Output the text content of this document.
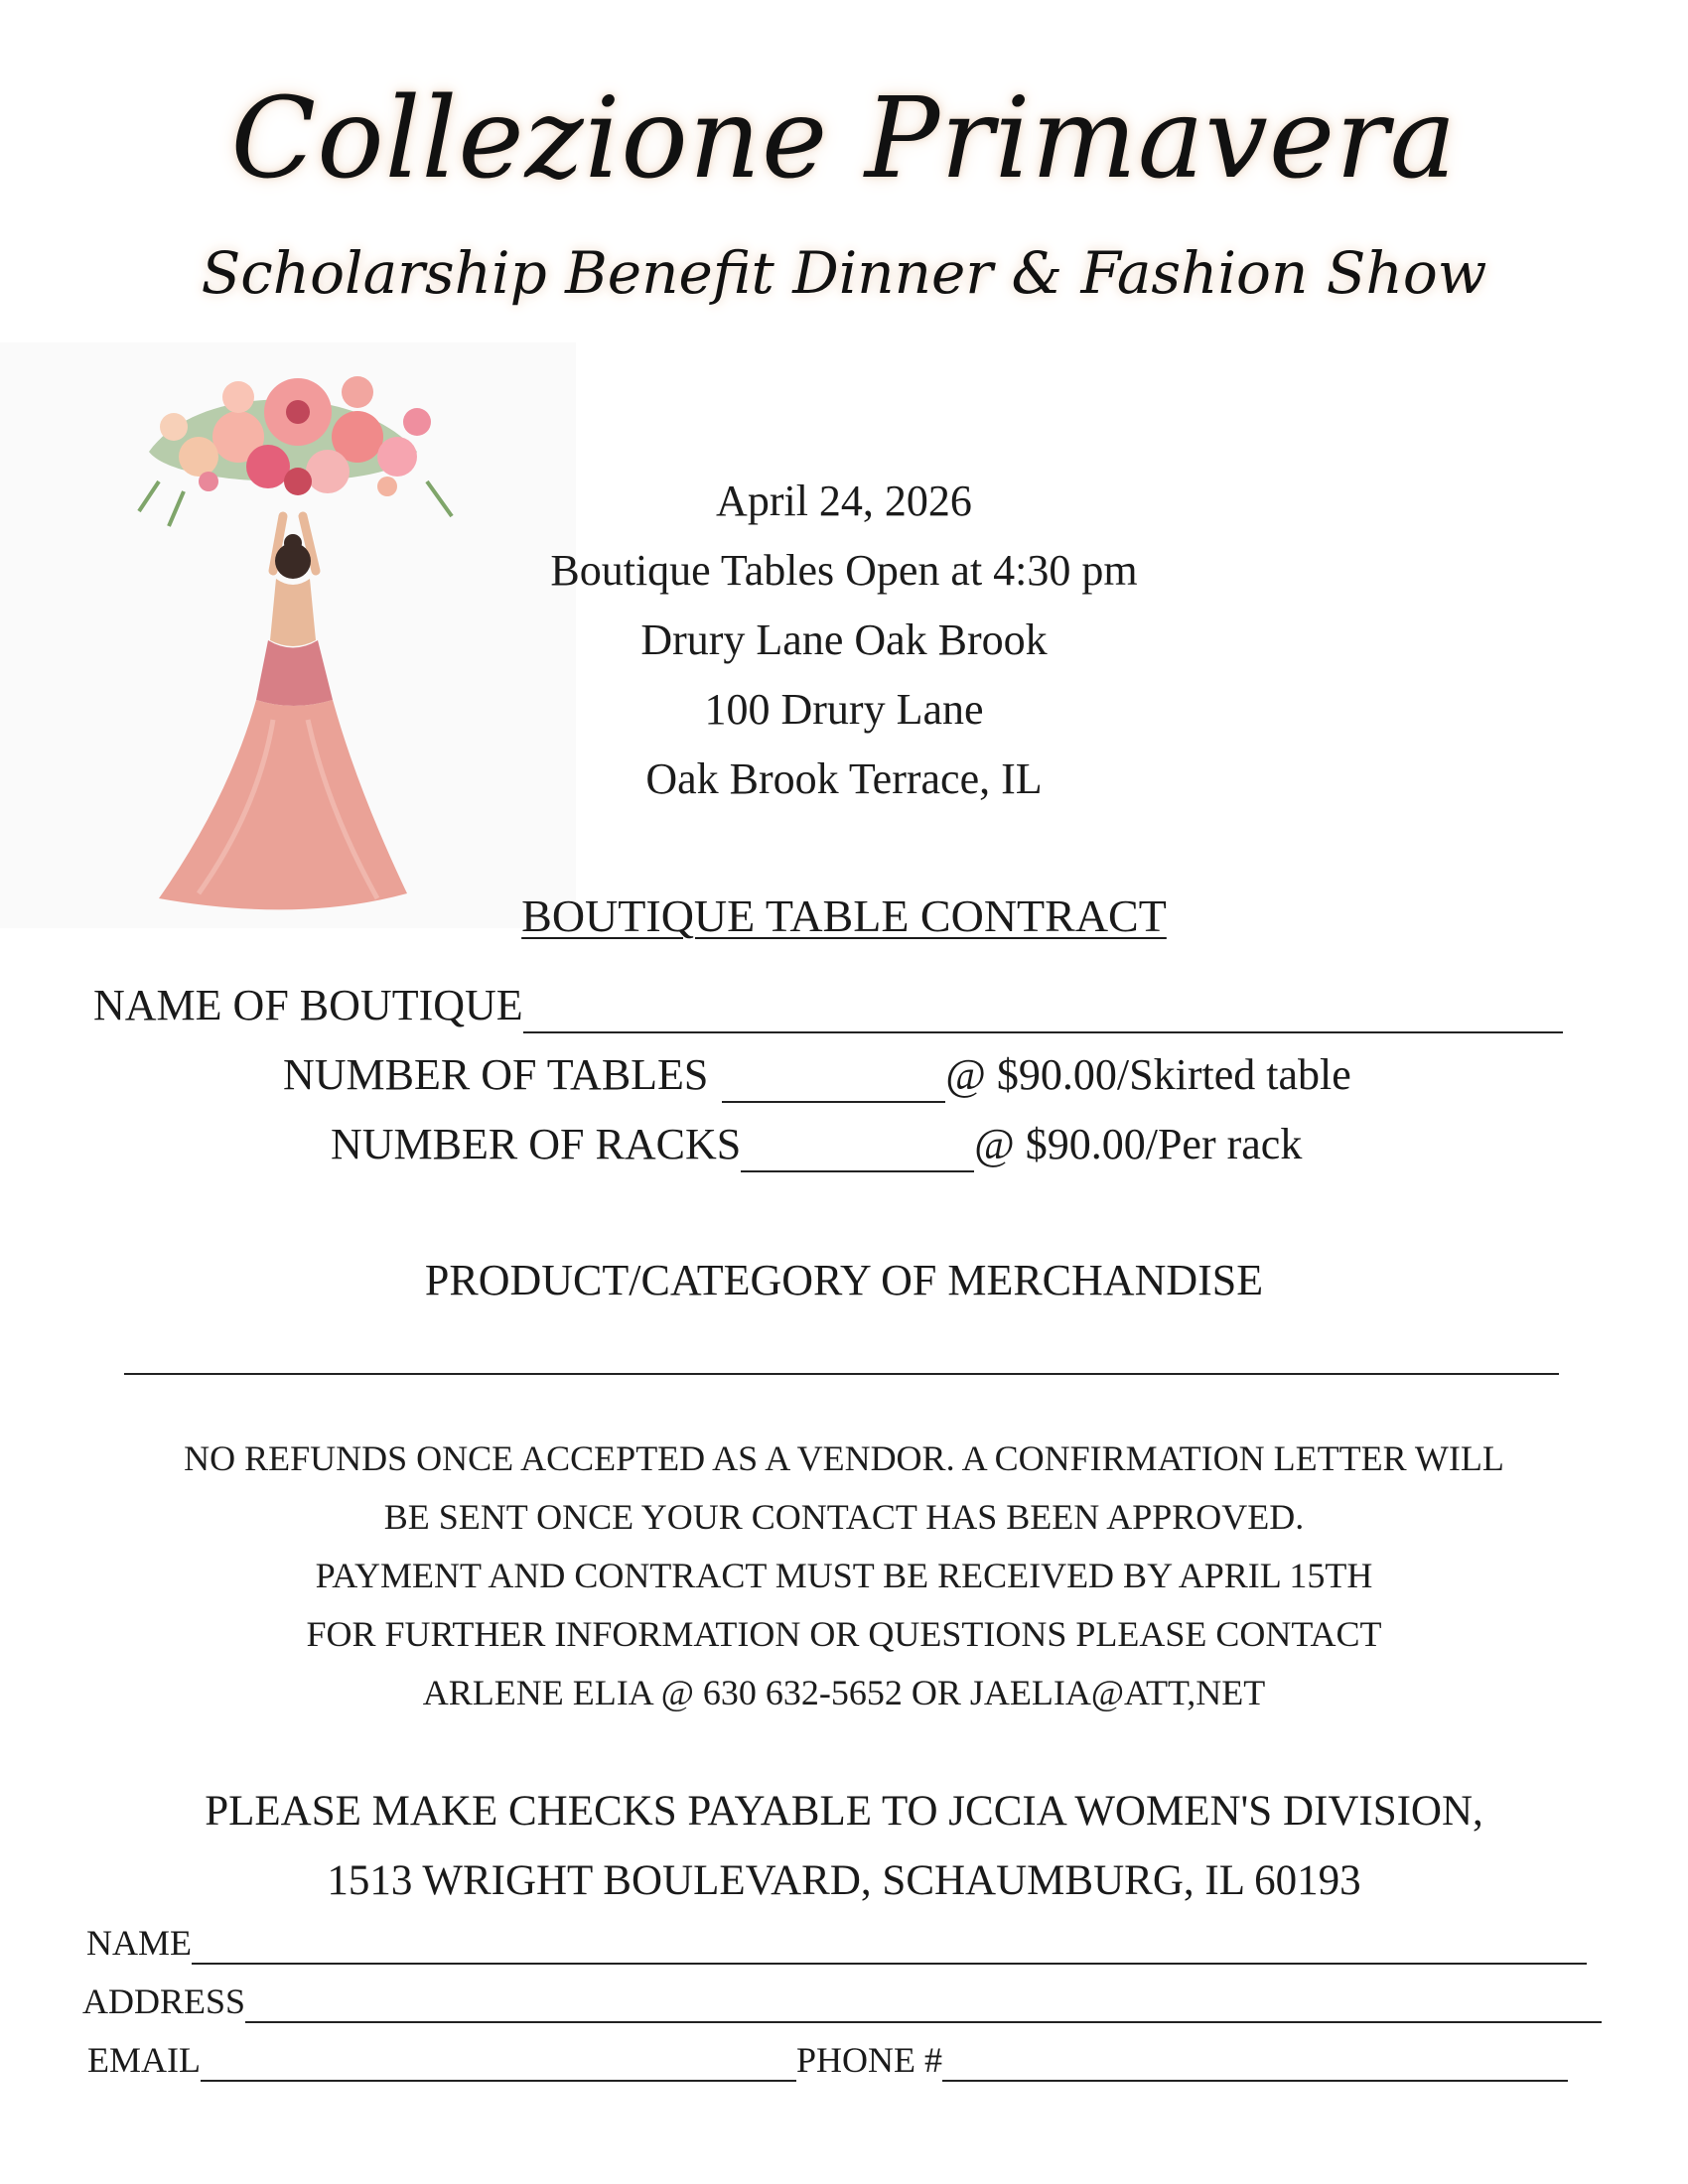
Collezione Primavera
Scholarship Benefit Dinner & Fashion Show
April 24, 2026
Boutique Tables Open at 4:30 pm
Drury Lane Oak Brook
100 Drury Lane
Oak Brook Terrace, IL
BOUTIQUE TABLE CONTRACT
NAME OF BOUTIQUE
NUMBER OF TABLES	@ $90.00/Skirted table
NUMBER OF RACKS	@ $90.00/Per rack
PRODUCT/CATEGORY OF MERCHANDISE
NO REFUNDS ONCE ACCEPTED AS A VENDOR. A CONFIRMATION LETTER WILL
BE SENT ONCE YOUR CONTACT HAS BEEN APPROVED.
PAYMENT AND CONTRACT MUST BE RECEIVED BY APRIL 15TH
FOR FURTHER INFORMATION OR QUESTIONS PLEASE CONTACT
ARLENE ELIA @ 630 632-5652 OR JAELIA@ATT,NET
PLEASE MAKE CHECKS PAYABLE TO JCCIA WOMEN'S DIVISION,
1513 WRIGHT BOULEVARD, SCHAUMBURG, IL 60193
NAME
ADDRESS
EMAIL	PHONE #
